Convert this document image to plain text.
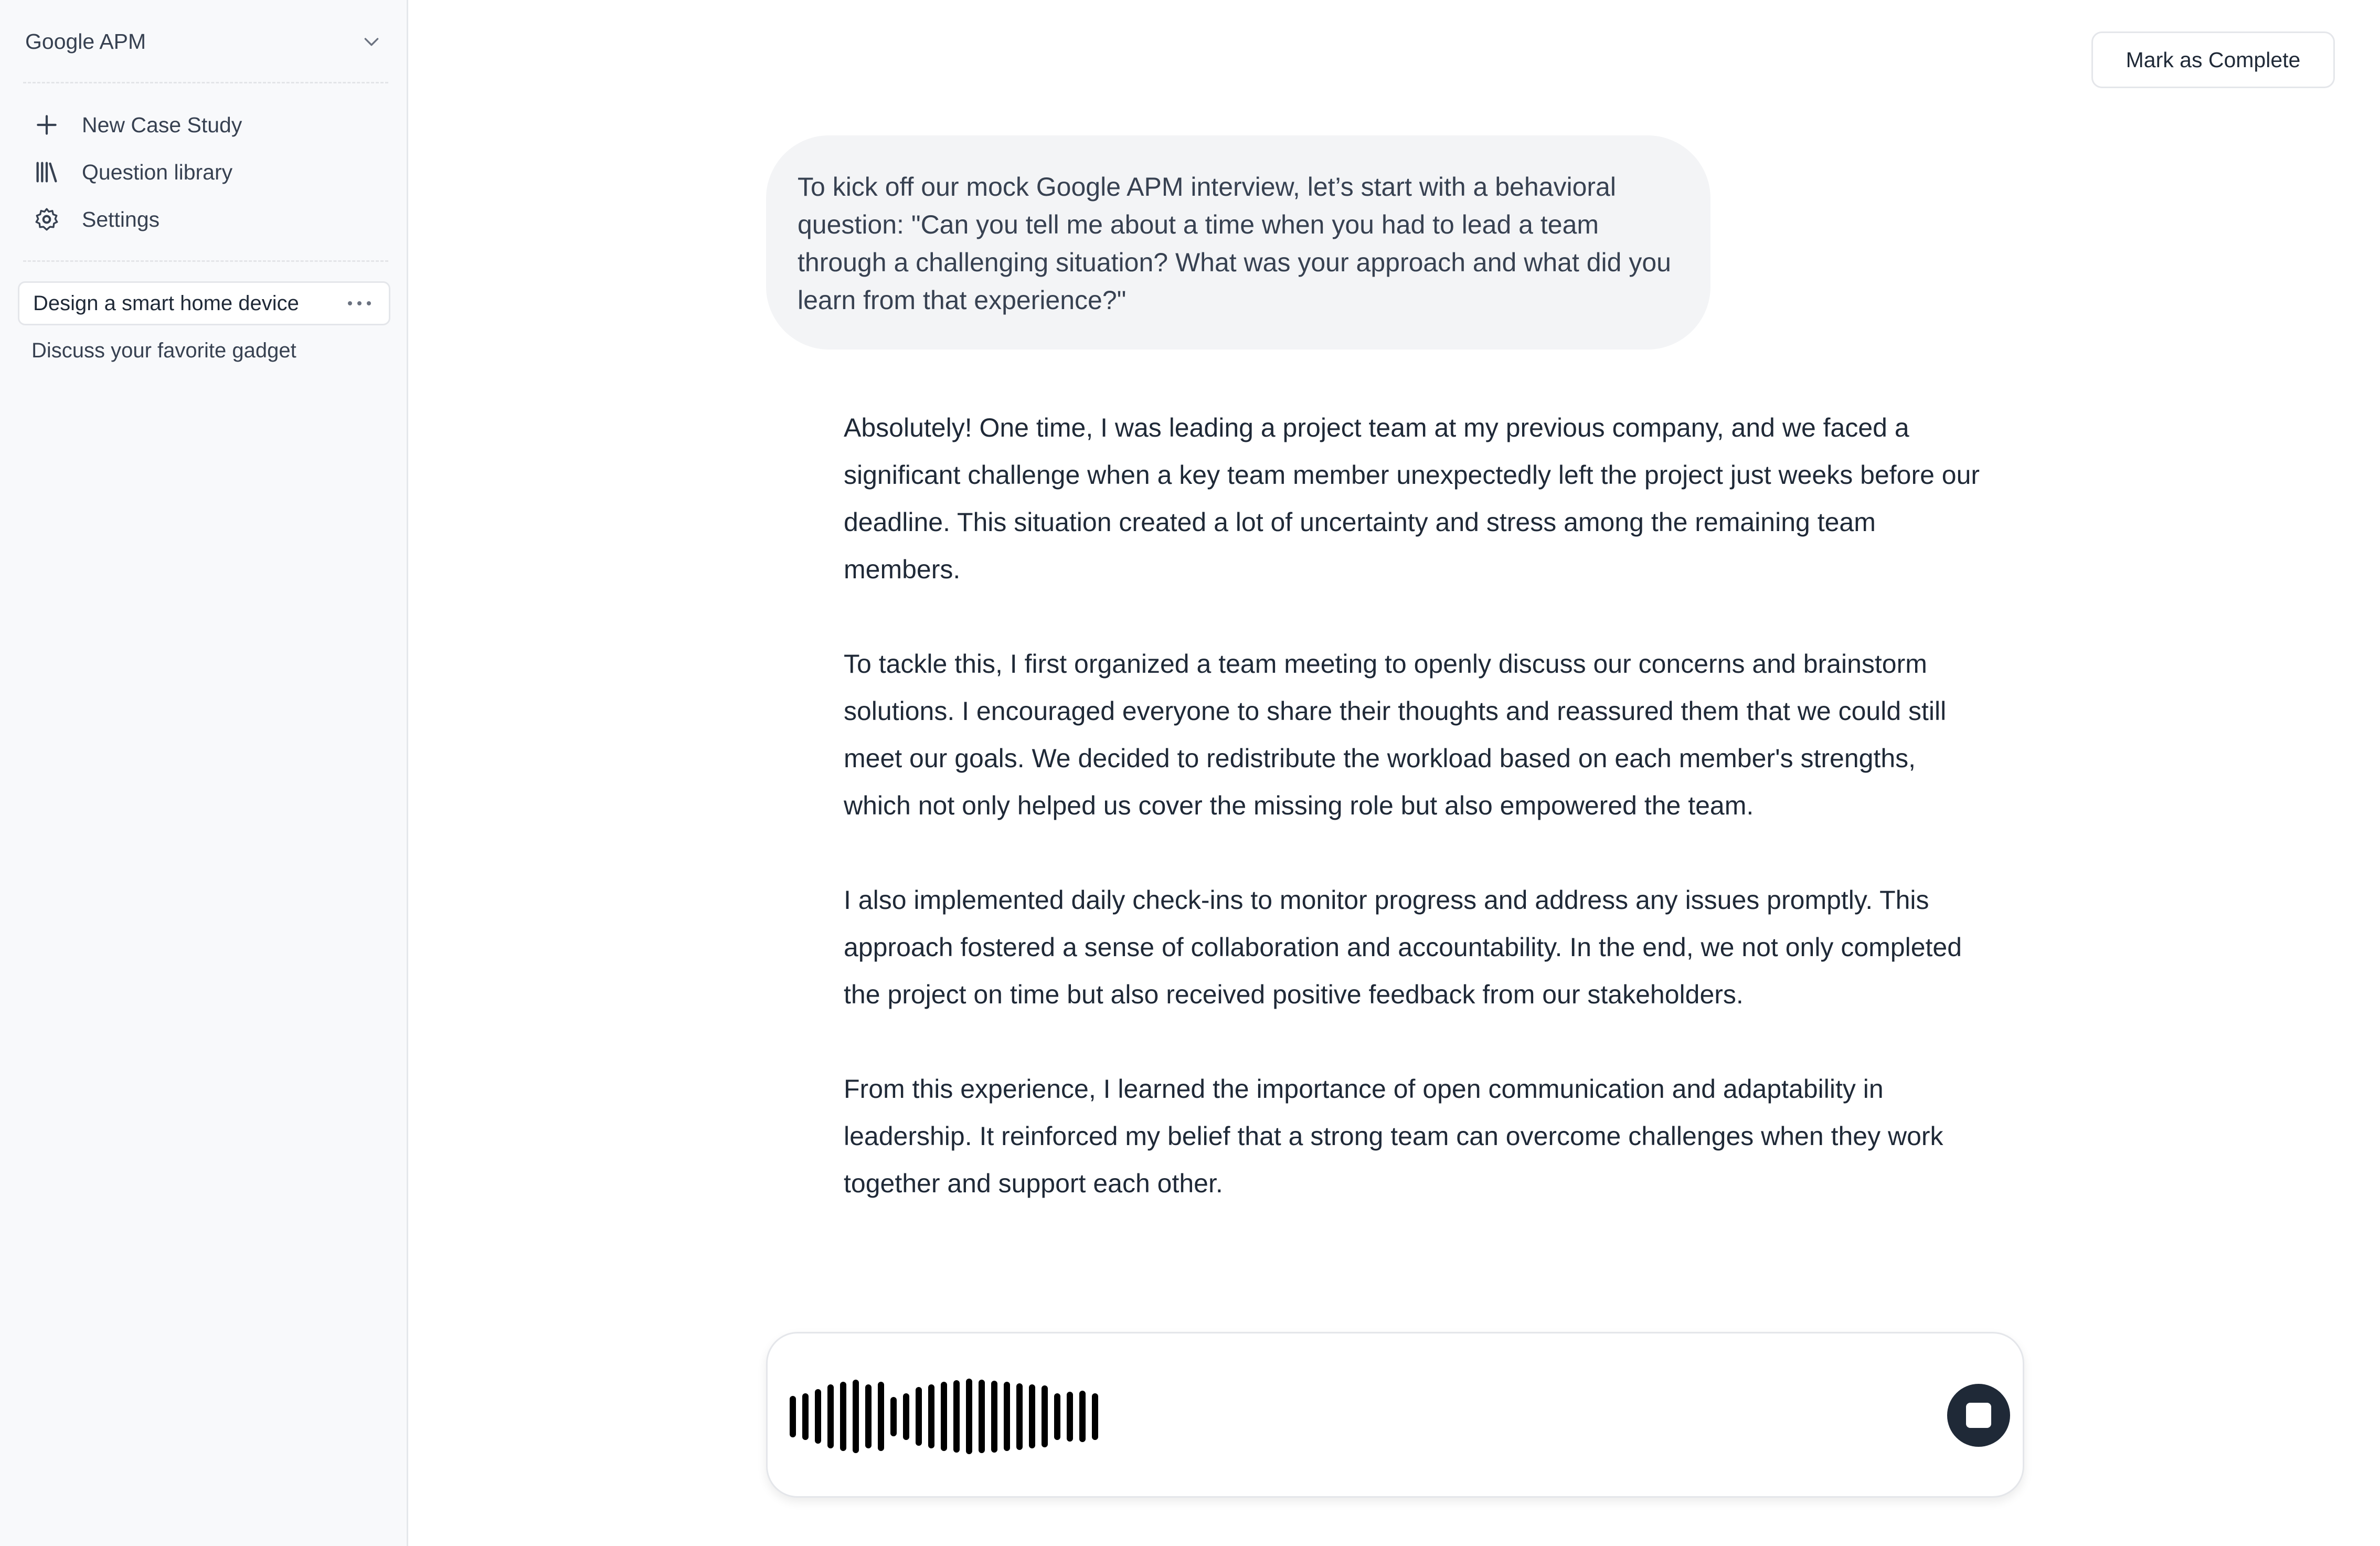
Google APM
New Case Study
Question library
Settings
Design a smart home device
Discuss your favorite gadget
Mark as Complete
To kick off our mock Google APM interview, let’s start with a behavioral question: "Can you tell me about a time when you had to lead a team through a challenging situation? What was your approach and what did you learn from that experience?"

Absolutely! One time, I was leading a project team at my previous company, and we faced a significant challenge when a key team member unexpectedly left the project just weeks before our deadline. This situation created a lot of uncertainty and stress among the remaining team members.

To tackle this, I first organized a team meeting to openly discuss our concerns and brainstorm solutions. I encouraged everyone to share their thoughts and reassured them that we could still meet our goals. We decided to redistribute the workload based on each member's strengths, which not only helped us cover the missing role but also empowered the team.

I also implemented daily check-ins to monitor progress and address any issues promptly. This approach fostered a sense of collaboration and accountability. In the end, we not only completed the project on time but also received positive feedback from our stakeholders.

From this experience, I learned the importance of open communication and adaptability in leadership. It reinforced my belief that a strong team can overcome challenges when they work together and support each other.
